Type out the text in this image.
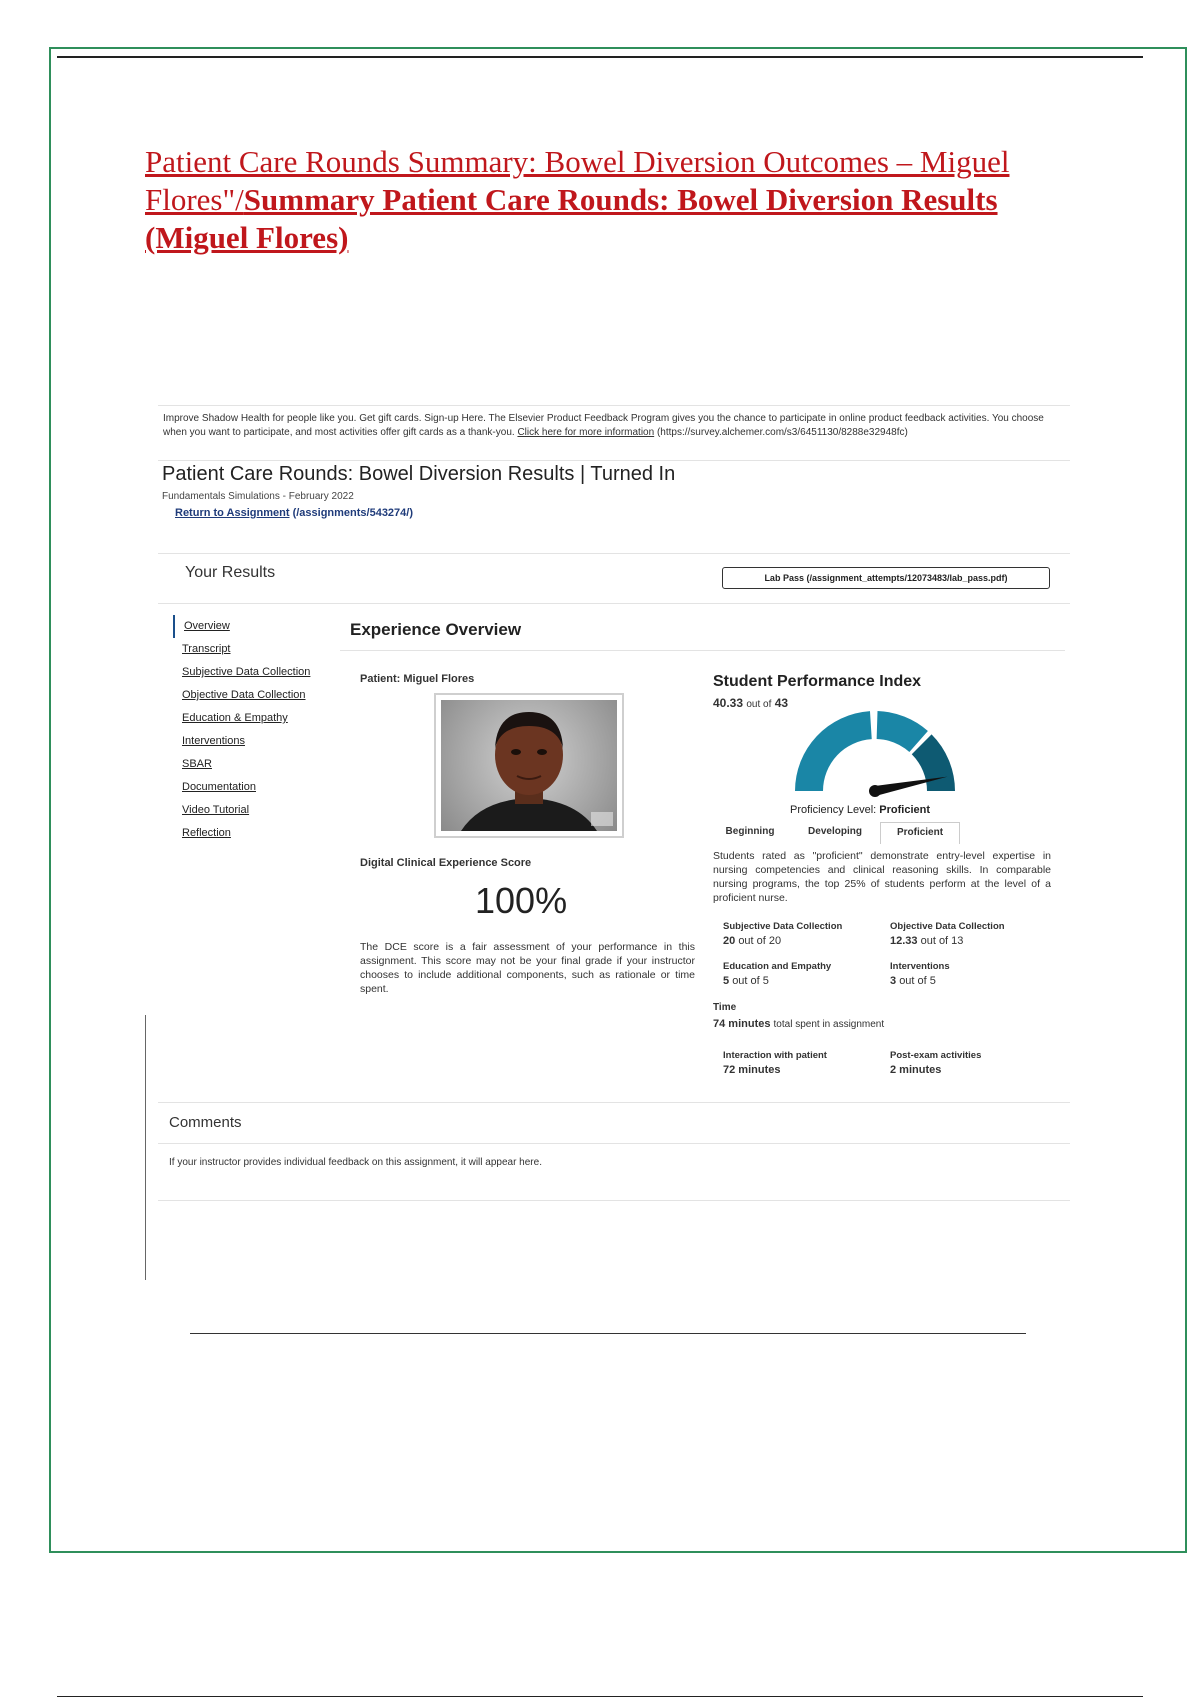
Patient Care Rounds Summary: Bowel Diversion Outcomes – Miguel Flores"/Summary Patient Care Rounds: Bowel Diversion Results (Miguel Flores)
Improve Shadow Health for people like you. Get gift cards. Sign-up Here. The Elsevier Product Feedback Program gives you the chance to participate in online product feedback activities. You choose when you want to participate, and most activities offer gift cards as a thank-you. Click here for more information (https://survey.alchemer.com/s3/6451130/8288e32948fc)
Patient Care Rounds: Bowel Diversion Results | Turned In
Fundamentals Simulations - February 2022
Return to Assignment (/assignments/543274/)
Your Results	Lab Pass (/assignment_attempts/12073483/lab_pass.pdf)
Overview
Transcript
Subjective Data Collection
Objective Data Collection
Education & Empathy
Interventions
SBAR
Documentation
Video Tutorial
Reflection
Experience Overview
Patient: Miguel Flores
Digital Clinical Experience Score
100%
The DCE score is a fair assessment of your performance in this assignment. This score may not be your final grade if your instructor chooses to include additional components, such as rationale or time spent.
Student Performance Index
40.33 out of 43
Proficiency Level: Proficient
Beginning	Developing	Proficient
Students rated as "proficient" demonstrate entry-level expertise in nursing competencies and clinical reasoning skills. In comparable nursing programs, the top 25% of students perform at the level of a proficient nurse.
Subjective Data Collection
20 out of 20
Objective Data Collection
12.33 out of 13
Education and Empathy
5 out of 5
Interventions
3 out of 5
Time
74 minutes total spent in assignment
Interaction with patient
72 minutes
Post-exam activities
2 minutes
Comments
If your instructor provides individual feedback on this assignment, it will appear here.
